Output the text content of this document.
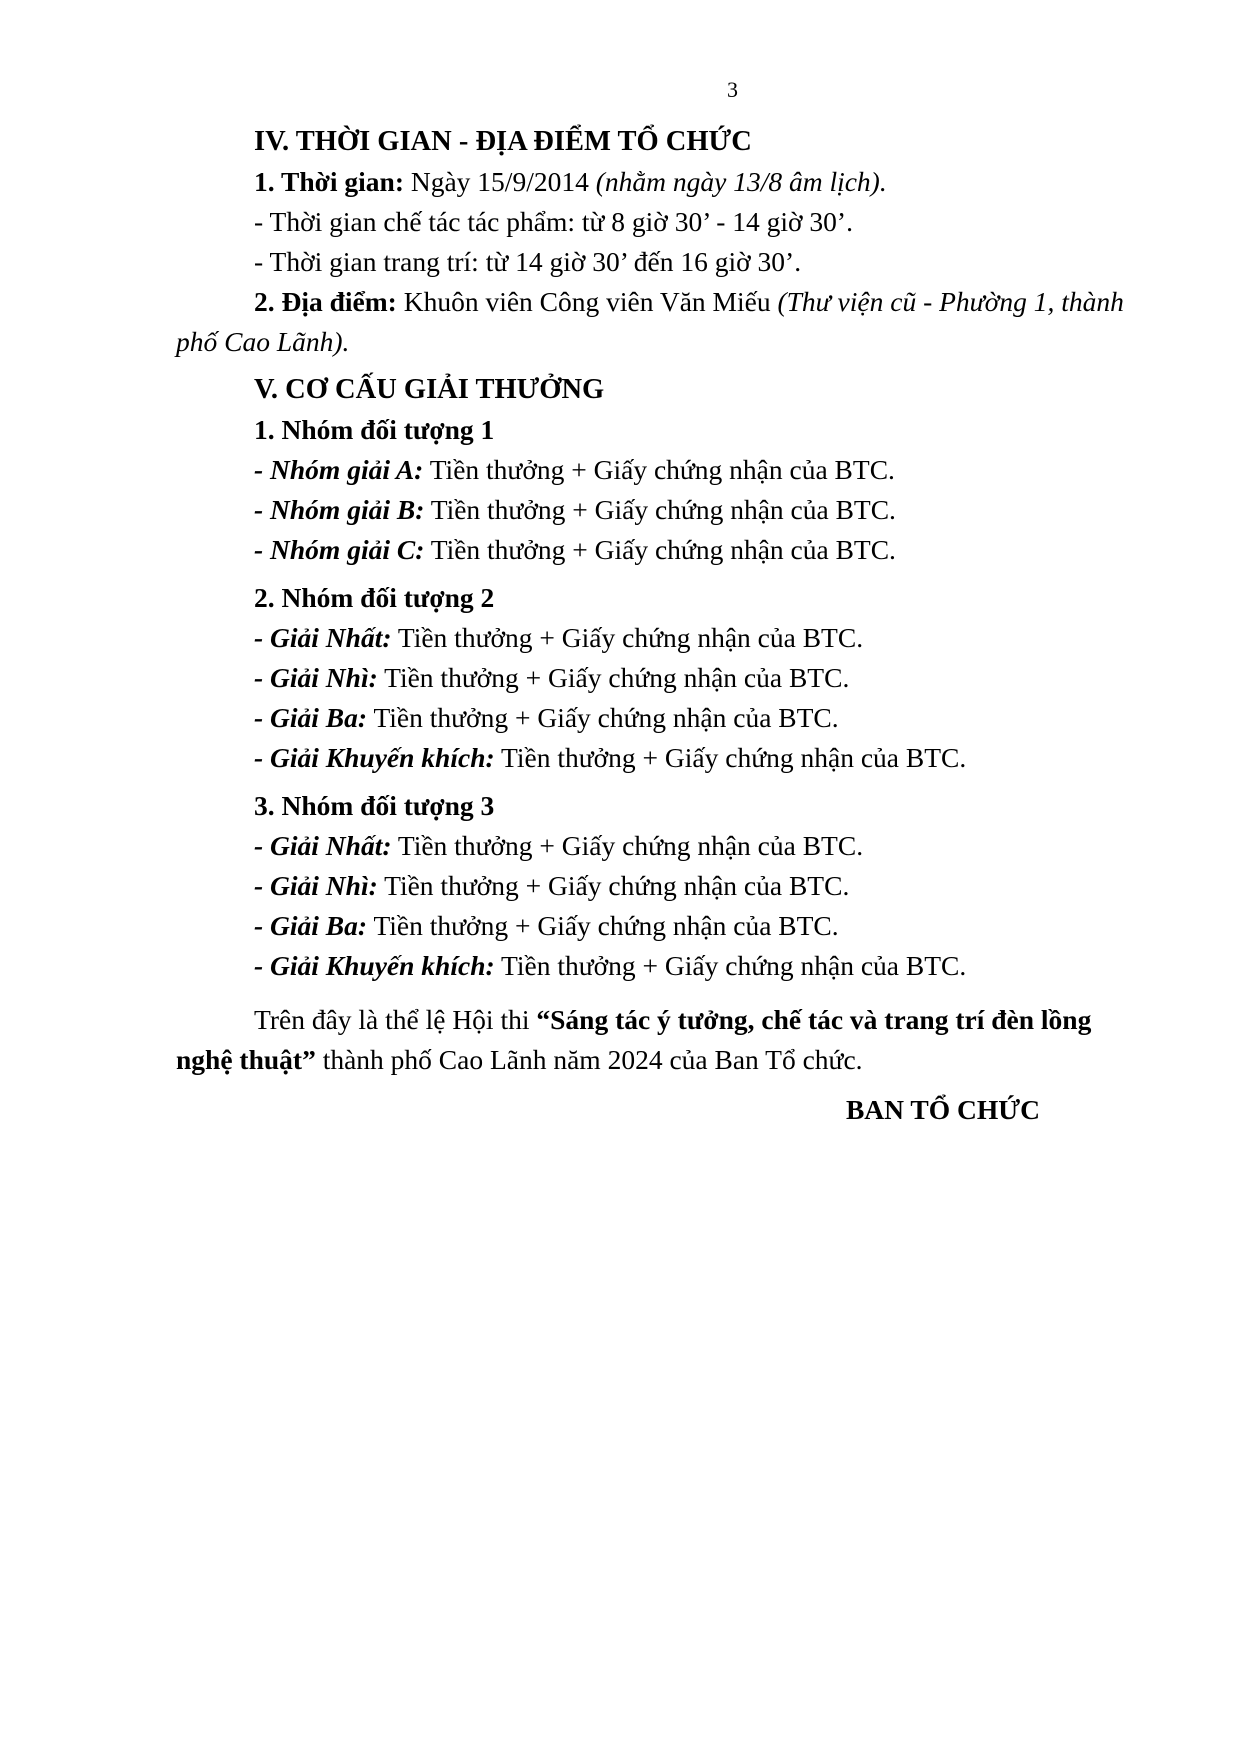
3

IV. THỜI GIAN - ĐỊA ĐIỂM TỔ CHỨC

1. Thời gian: Ngày 15/9/2014 (nhằm ngày 13/8 âm lịch).

- Thời gian chế tác tác phẩm: từ 8 giờ 30’ - 14 giờ 30’.

- Thời gian trang trí: từ 14 giờ 30’ đến 16 giờ 30’.

2. Địa điểm: Khuôn viên Công viên Văn Miếu (Thư viện cũ - Phường 1, thành phố Cao Lãnh).

V. CƠ CẤU GIẢI THƯỞNG

1. Nhóm đối tượng 1

- Nhóm giải A: Tiền thưởng + Giấy chứng nhận của BTC.

- Nhóm giải B: Tiền thưởng + Giấy chứng nhận của BTC.

- Nhóm giải C: Tiền thưởng + Giấy chứng nhận của BTC.

2. Nhóm đối tượng 2

- Giải Nhất: Tiền thưởng + Giấy chứng nhận của BTC.

- Giải Nhì: Tiền thưởng + Giấy chứng nhận của BTC.

- Giải Ba: Tiền thưởng + Giấy chứng nhận của BTC.

- Giải Khuyến khích: Tiền thưởng + Giấy chứng nhận của BTC.

3. Nhóm đối tượng 3

- Giải Nhất: Tiền thưởng + Giấy chứng nhận của BTC.

- Giải Nhì: Tiền thưởng + Giấy chứng nhận của BTC.

- Giải Ba: Tiền thưởng + Giấy chứng nhận của BTC.

- Giải Khuyến khích: Tiền thưởng + Giấy chứng nhận của BTC.

Trên đây là thể lệ Hội thi “Sáng tác ý tưởng, chế tác và trang trí đèn lồng nghệ thuật” thành phố Cao Lãnh năm 2024 của Ban Tổ chức.

BAN TỔ CHỨC
